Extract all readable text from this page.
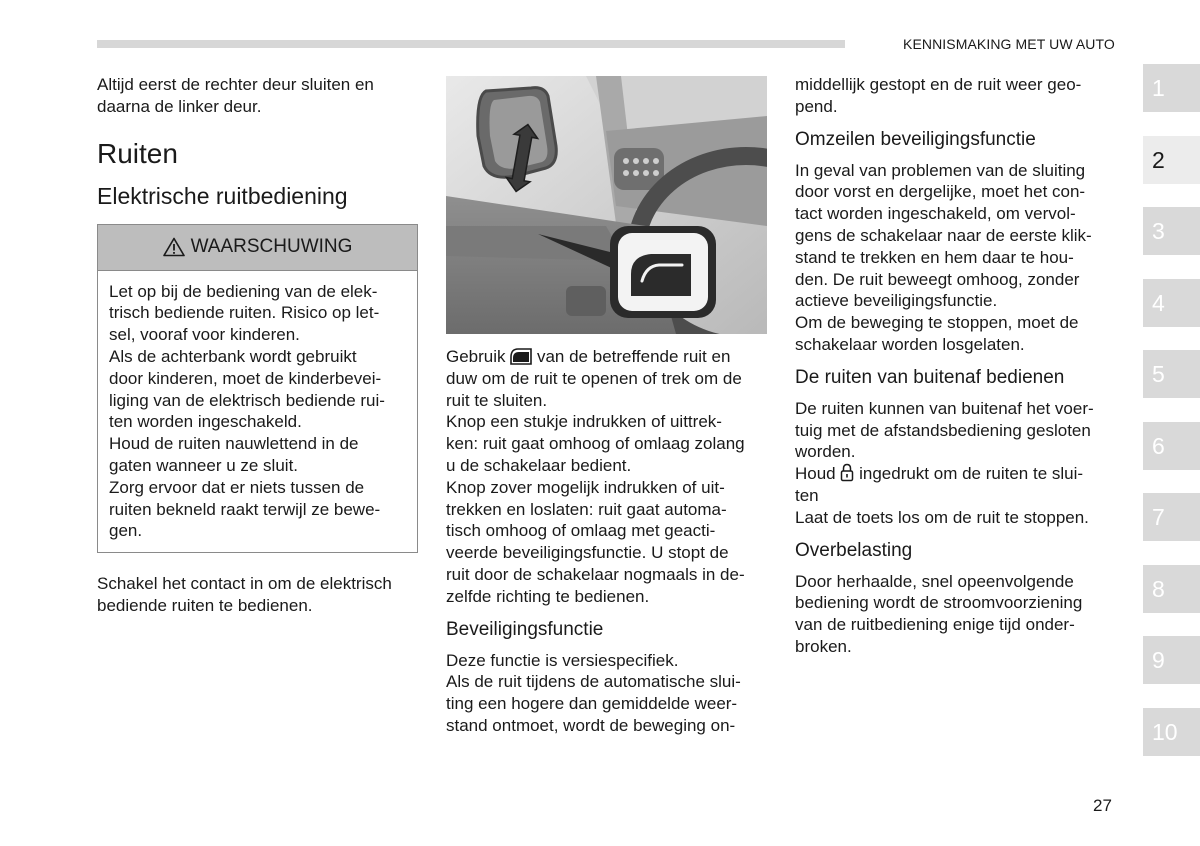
KENNISMAKING MET UW AUTO
Altijd eerst de rechter deur sluiten en
daarna de linker deur.
Ruiten
Elektrische ruitbediening
WAARSCHUWING
Let op bij de bediening van de elek-
trisch bediende ruiten. Risico op let-
sel, vooraf voor kinderen.
Als de achterbank wordt gebruikt
door kinderen, moet de kinderbevei-
liging van de elektrisch bediende rui-
ten worden ingeschakeld.
Houd de ruiten nauwlettend in de
gaten wanneer u ze sluit.
Zorg ervoor dat er niets tussen de
ruiten bekneld raakt terwijl ze bewe-
gen.
Schakel het contact in om de elektrisch
bediende ruiten te bedienen.
Gebruik  van de betreffende ruit en
duw om de ruit te openen of trek om de
ruit te sluiten.
Knop een stukje indrukken of uittrek-
ken: ruit gaat omhoog of omlaag zolang
u de schakelaar bedient.
Knop zover mogelijk indrukken of uit-
trekken en loslaten: ruit gaat automa-
tisch omhoog of omlaag met geacti-
veerde beveiligingsfunctie. U stopt de
ruit door de schakelaar nogmaals in de-
zelfde richting te bedienen.
Beveiligingsfunctie
Deze functie is versiespecifiek.
Als de ruit tijdens de automatische slui-
ting een hogere dan gemiddelde weer-
stand ontmoet, wordt de beweging on-
middellijk gestopt en de ruit weer geo-
pend.
Omzeilen beveiligingsfunctie
In geval van problemen van de sluiting
door vorst en dergelijke, moet het con-
tact worden ingeschakeld, om vervol-
gens de schakelaar naar de eerste klik-
stand te trekken en hem daar te hou-
den. De ruit beweegt omhoog, zonder
actieve beveiligingsfunctie.
Om de beweging te stoppen, moet de
schakelaar worden losgelaten.
De ruiten van buitenaf bedienen
De ruiten kunnen van buitenaf het voer-
tuig met de afstandsbediening gesloten
worden.
Houd  ingedrukt om de ruiten te slui-
ten
Laat de toets los om de ruit te stoppen.
Overbelasting
Door herhaalde, snel opeenvolgende
bediening wordt de stroomvoorziening
van de ruitbediening enige tijd onder-
broken.
1
2
3
4
5
6
7
8
9
10
27
